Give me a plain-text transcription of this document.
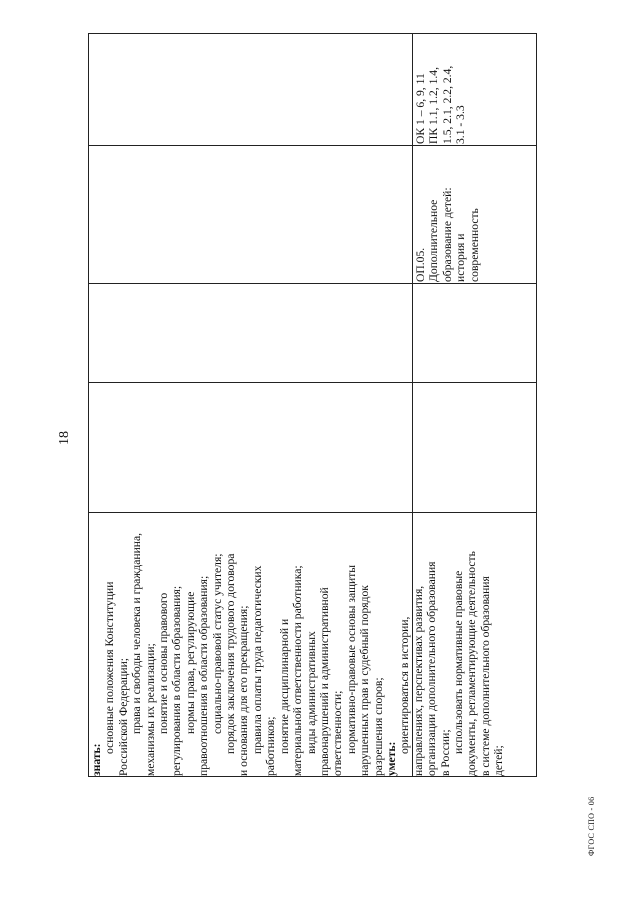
18
знать:
основные положения Конституции Российской Федерации; права и свободы человека и гражданина, механизмы их реализации; понятие и основы правового регулирования в области образования; нормы права, регулирующие правоотношения в области образования; социально-правовой статус учителя; порядок заключения трудового договора и основания для его прекращения; правила оплаты труда педагогических работников; понятие дисциплинарной и материальной ответственности работника; виды административных правонарушений и административной ответственности; нормативно-правовые основы защиты нарушенных прав и судебный порядок разрешения споров; уметь:
ориентироваться в истории, направлениях, перспективах развития, организации дополнительного образования в России; использовать нормативные правовые документы, регламентирующие деятельность в системе дополнительного образования детей;
ОП.05. Дополнительное образование детей: история и современность
ОК 1 – 6, 9, 11 ПК 1.1, 1.2, 1.4, 1.5, 2.1, 2.2, 2.4, 3.1 - 3.3
ФГОС СПО - 06
